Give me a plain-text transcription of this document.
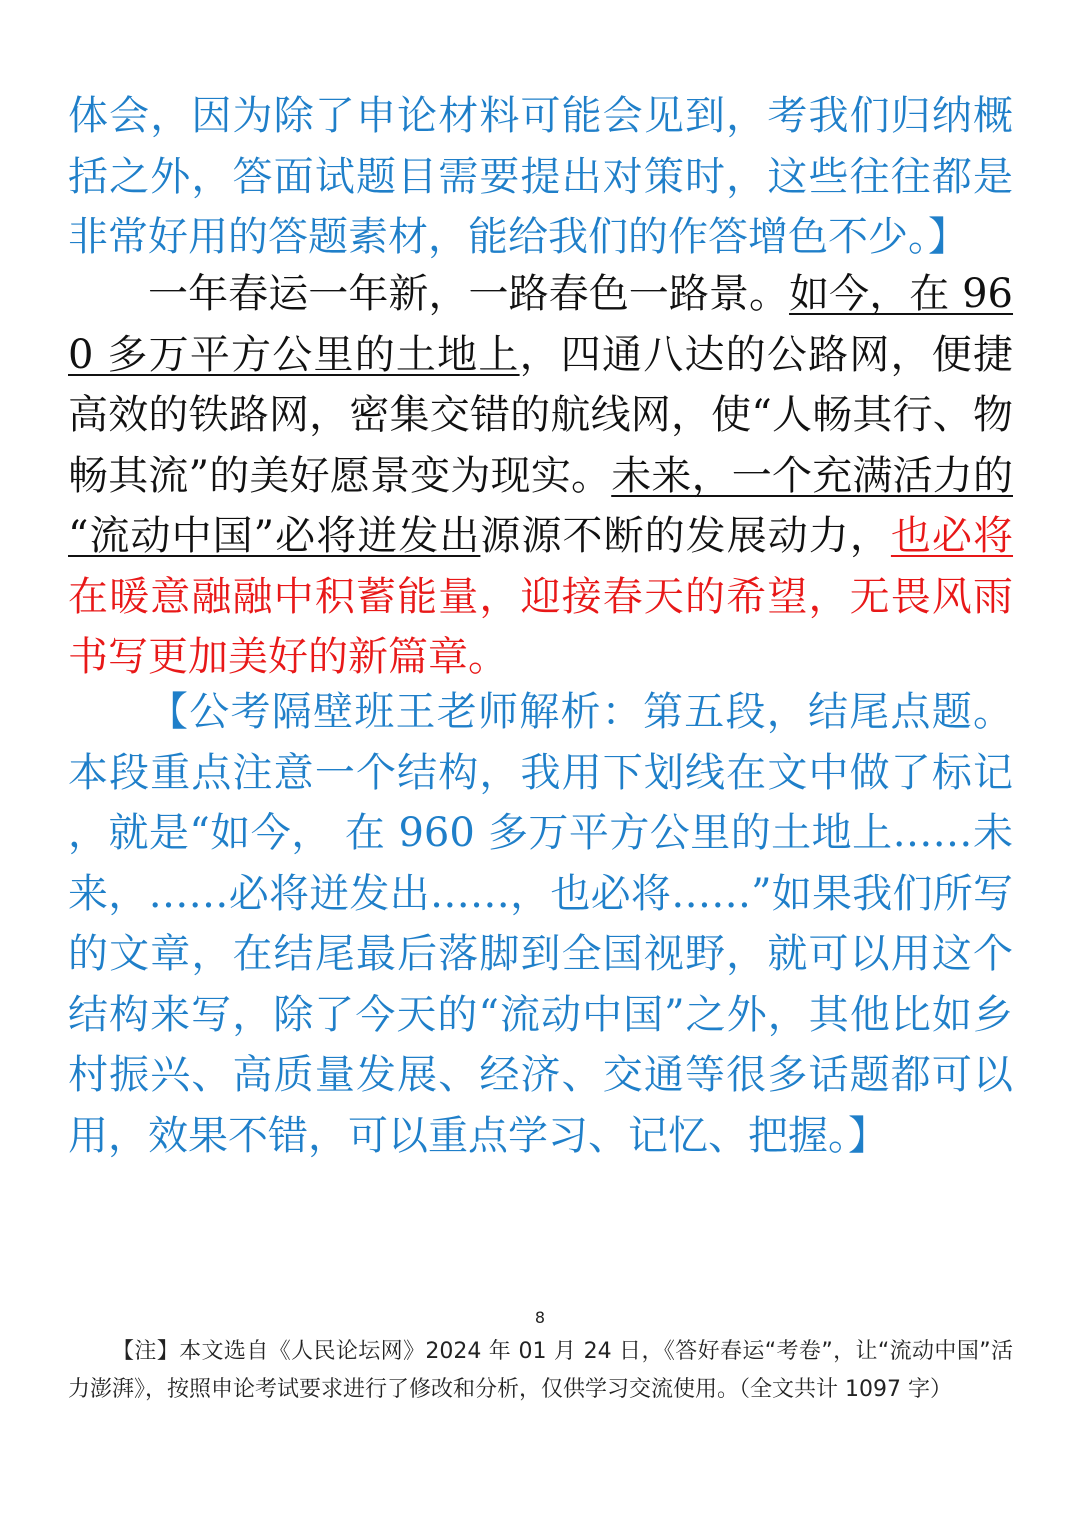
体会，因为除了申论材料可能会见到，考我们归纳概括之外，答面试题目需要提出对策时，这些往往都是非常好用的答题素材，能给我们的作答增色不少。】

一年春运一年新，一路春色一路景。如今，在 960 多万平方公里的土地上，四通八达的公路网，便捷高效的铁路网，密集交错的航线网，使“人畅其行、物畅其流”的美好愿景变为现实。未来，一个充满活力的“流动中国”必将迸发出源源不断的发展动力，也必将在暖意融融中积蓄能量，迎接春天的希望，无畏风雨书写更加美好的新篇章。

【公考隔壁班王老师解析：第五段，结尾点题。本段重点注意一个结构，我用下划线在文中做了标记，就是“如今， 在 960 多万平方公里的土地上……未来，……必将迸发出……，也必将……”如果我们所写的文章，在结尾最后落脚到全国视野，就可以用这个结构来写，除了今天的“流动中国”之外，其他比如乡村振兴、高质量发展、经济、交通等很多话题都可以用，效果不错，可以重点学习、记忆、把握。】

8
【注】本文选自《人民论坛网》2024 年 01 月 24 日，《答好春运“考卷”，让“流动中国”活力澎湃》，按照申论考试要求进行了修改和分析，仅供学习交流使用。（全文共计 1097 字）
